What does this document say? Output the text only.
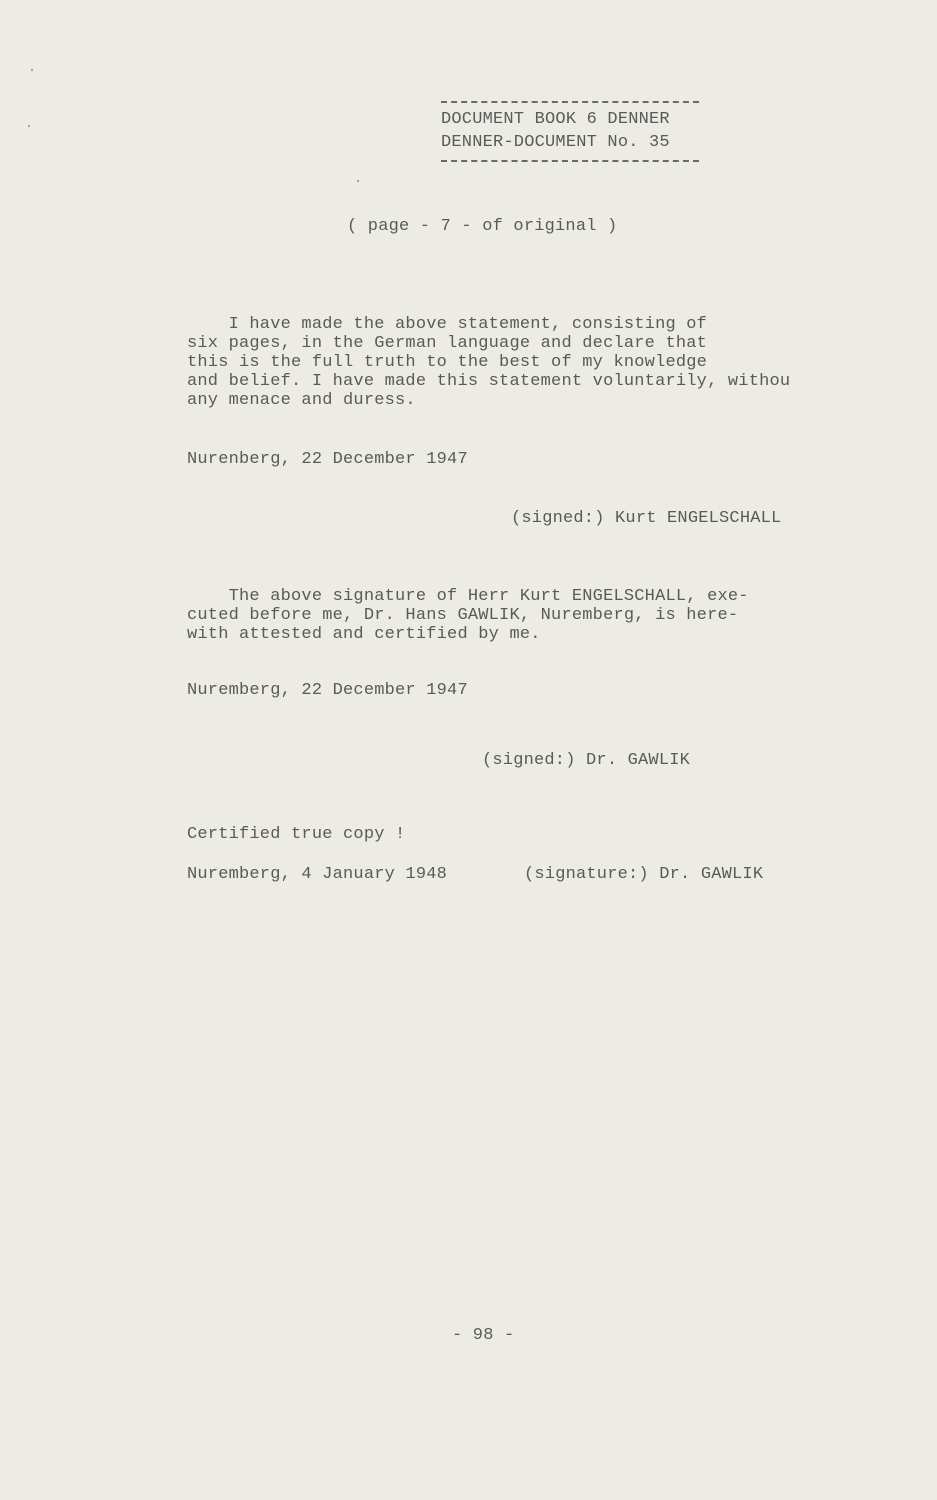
DOCUMENT BOOK 6 DENNER
DENNER-DOCUMENT No. 35
( page - 7 - of original )
I have made the above statement, consisting of
six pages, in the German language and declare that
this is the full truth to the best of my knowledge
and belief. I have made this statement voluntarily, withou
any menace and duress.
Nurenberg, 22 December 1947
(signed:) Kurt ENGELSCHALL
The above signature of Herr Kurt ENGELSCHALL, exe-
cuted before me, Dr. Hans GAWLIK, Nuremberg, is here-
with attested and certified by me.
Nuremberg, 22 December 1947
(signed:) Dr. GAWLIK
Certified true copy !
Nuremberg, 4 January 1948	(signature:) Dr. GAWLIK
- 98 -
